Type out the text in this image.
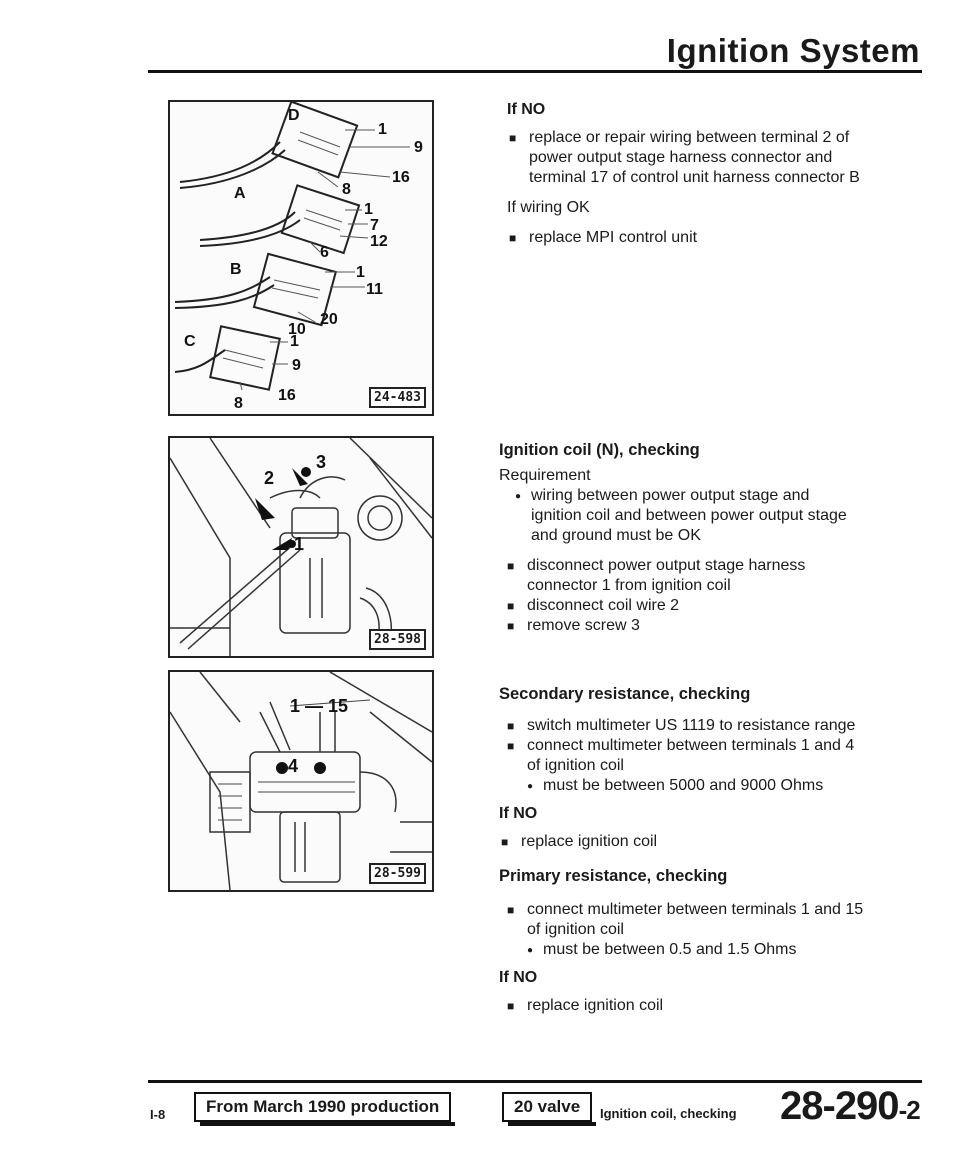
Ignition System
D
1
9
16
8
A
1
7
12
6
B	1
11
20
10
C	1
9
16
8	24-483
3
2
1
28-598
1 — 15
4
28-599
If NO
■ replace or repair wiring between terminal 2 of
power output stage harness connector and
terminal 17 of control unit harness connector B
If wiring OK
■ replace MPI control unit
Ignition coil (N), checking
Requirement
● wiring between power output stage and
ignition coil and between power output stage
and ground must be OK
■ disconnect power output stage harness
connector 1 from ignition coil
■ disconnect coil wire 2
■ remove screw 3
Secondary resistance, checking
■ switch multimeter US 1119 to resistance range
■ connect multimeter between terminals 1 and 4
of ignition coil
● must be between 5000 and 9000 Ohms
If NO
■ replace ignition coil
Primary resistance, checking
■ connect multimeter between terminals 1 and 15
of ignition coil
● must be between 0.5 and 1.5 Ohms
If NO
■ replace ignition coil
I-8	From March 1990 production	20 valve	Ignition coil, checking 28-290-2
